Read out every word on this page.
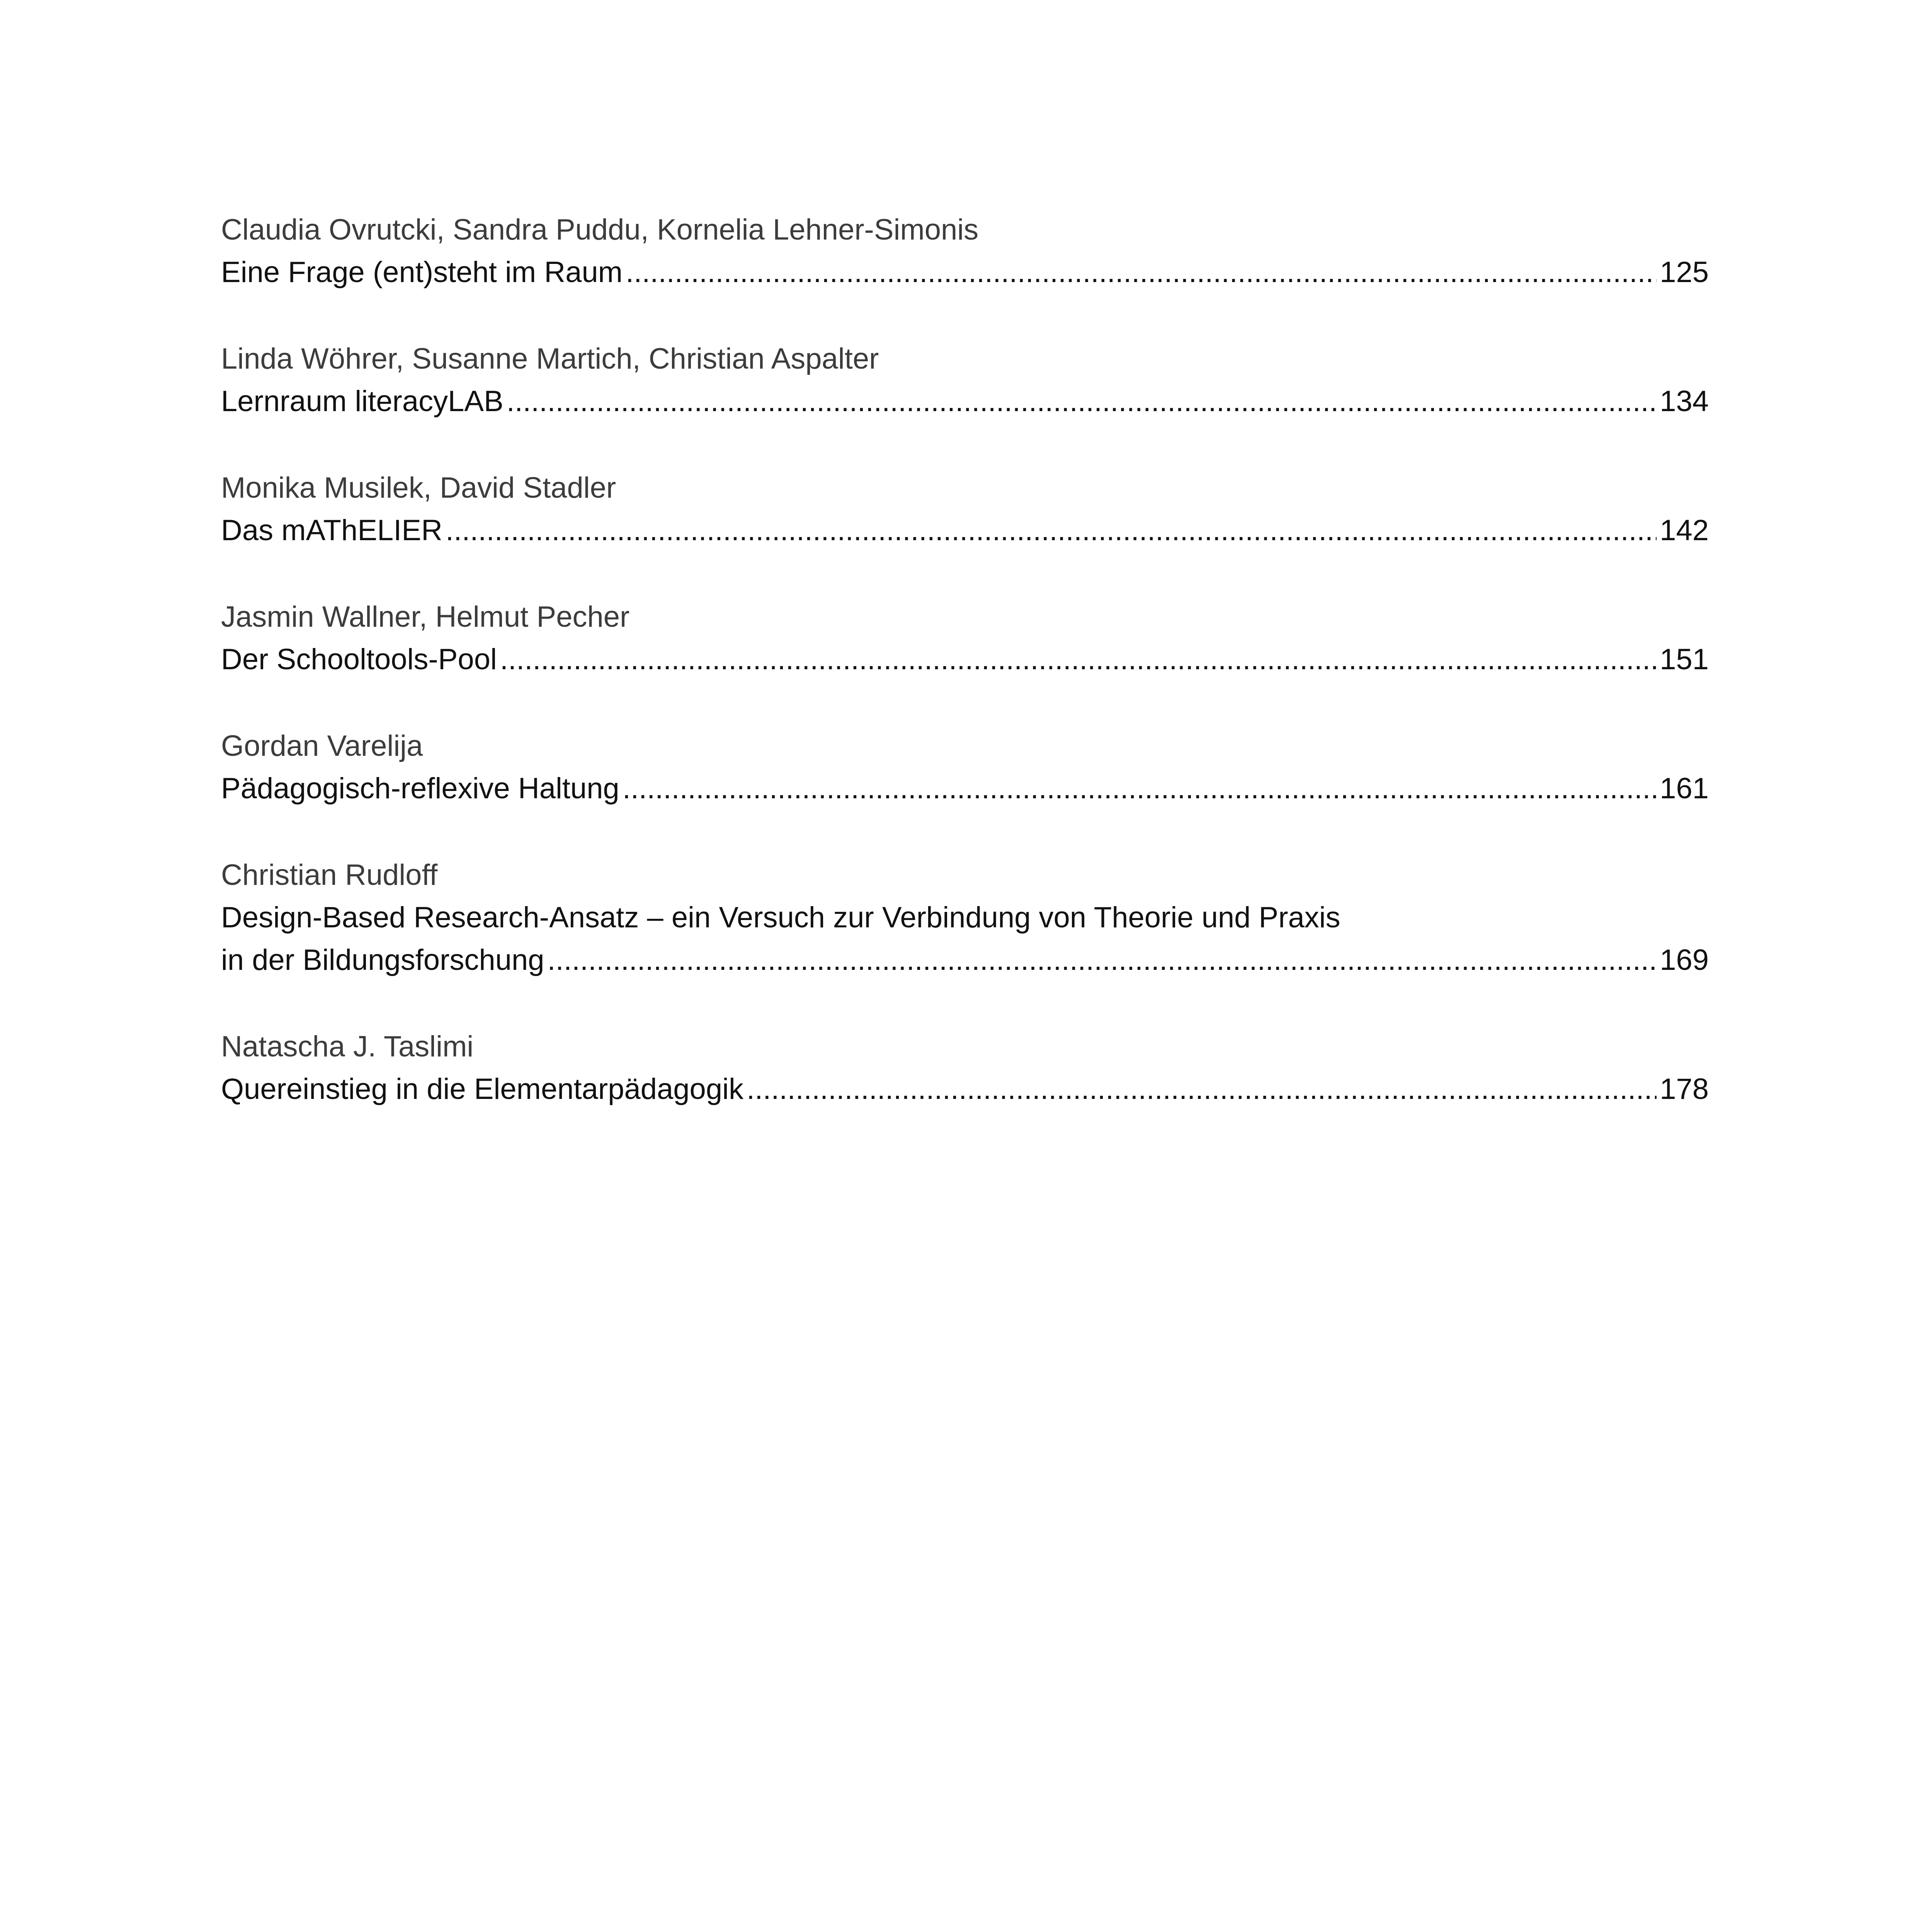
Claudia Ovrutcki, Sandra Puddu, Kornelia Lehner-Simonis
Eine Frage (ent)steht im Raum .....	125
Linda Wöhrer, Susanne Martich, Christian Aspalter
Lernraum literacyLAB .....	134
Monika Musilek, David Stadler
Das mAThELIER .....	142
Jasmin Wallner, Helmut Pecher
Der Schooltools-Pool .....	151
Gordan Varelija
Pädagogisch-reflexive Haltung .....	161
Christian Rudloff
Design-Based Research-Ansatz – ein Versuch zur Verbindung von Theorie und Praxis
in der Bildungsforschung .....	169
Natascha J. Taslimi
Quereinstieg in die Elementarpädagogik .....	178
